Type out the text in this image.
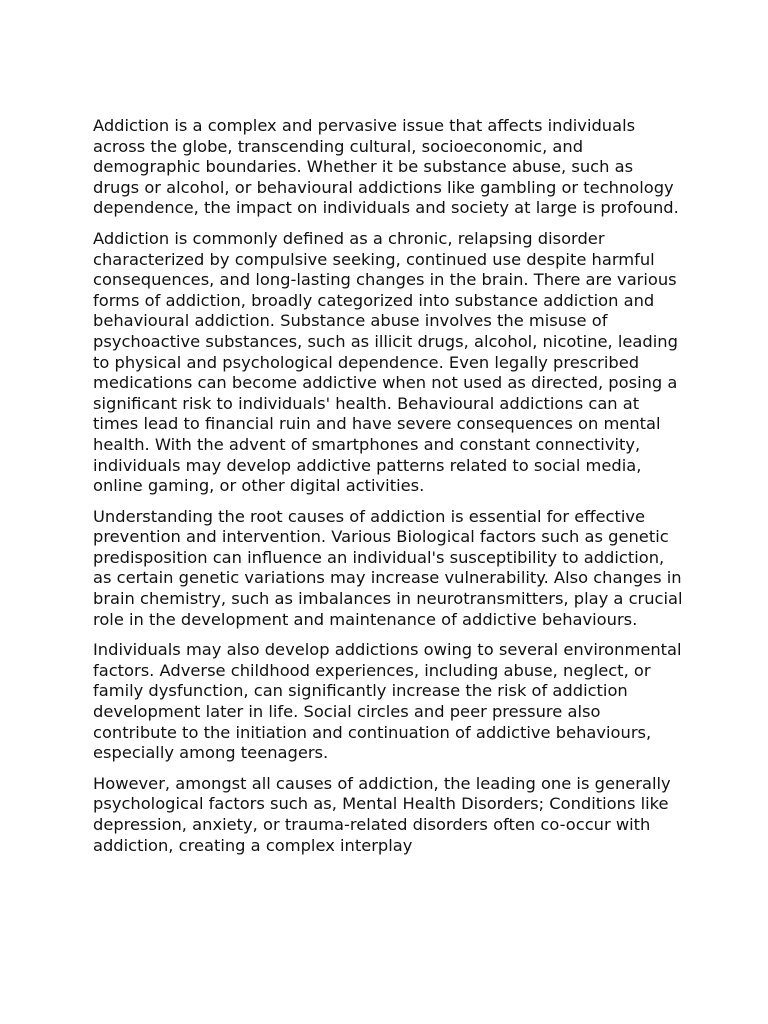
Addiction is a complex and pervasive issue that affects individuals across the globe, transcending cultural, socioeconomic, and demographic boundaries. Whether it be substance abuse, such as drugs or alcohol, or behavioural addictions like gambling or technology dependence, the impact on individuals and society at large is profound.

Addiction is commonly defined as a chronic, relapsing disorder characterized by compulsive seeking, continued use despite harmful consequences, and long-lasting changes in the brain. There are various forms of addiction, broadly categorized into substance addiction and behavioural addiction. Substance abuse involves the misuse of psychoactive substances, such as illicit drugs, alcohol, nicotine, leading to physical and psychological dependence. Even legally prescribed medications can become addictive when not used as directed, posing a significant risk to individuals' health. Behavioural addictions can at times lead to financial ruin and have severe consequences on mental health. With the advent of smartphones and constant connectivity, individuals may develop addictive patterns related to social media, online gaming, or other digital activities.

Understanding the root causes of addiction is essential for effective prevention and intervention. Various Biological factors such as genetic predisposition can influence an individual's susceptibility to addiction, as certain genetic variations may increase vulnerability. Also changes in brain chemistry, such as imbalances in neurotransmitters, play a crucial role in the development and maintenance of addictive behaviours.

Individuals may also develop addictions owing to several environmental factors. Adverse childhood experiences, including abuse, neglect, or family dysfunction, can significantly increase the risk of addiction development later in life. Social circles and peer pressure also contribute to the initiation and continuation of addictive behaviours, especially among teenagers.

However, amongst all causes of addiction, the leading one is generally psychological factors such as, Mental Health Disorders; Conditions like depression, anxiety, or trauma-related disorders often co-occur with addiction, creating a complex interplay
